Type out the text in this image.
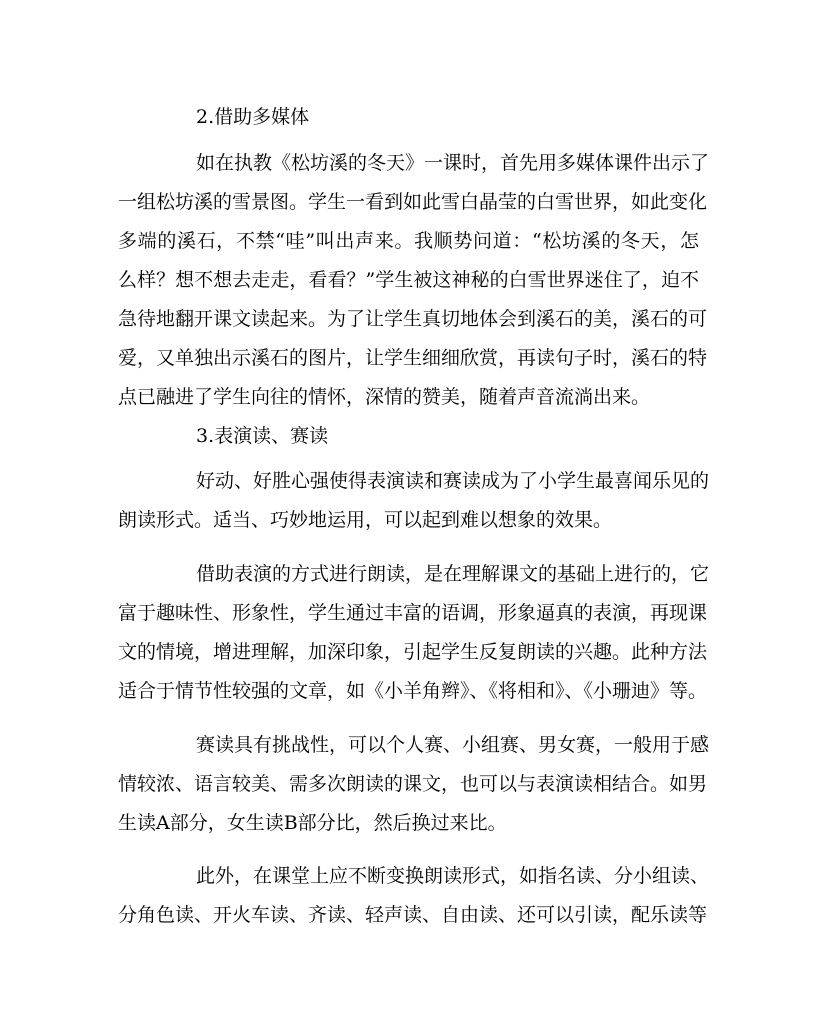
2.借助多媒体
如在执教《松坊溪的冬天》一课时，首先用多媒体课件出示了
一组松坊溪的雪景图。学生一看到如此雪白晶莹的白雪世界，如此变化
多端的溪石，不禁“哇”叫出声来。我顺势问道：“松坊溪的冬天，怎
么样？想不想去走走，看看？”学生被这神秘的白雪世界迷住了，迫不
急待地翻开课文读起来。为了让学生真切地体会到溪石的美，溪石的可
爱，又单独出示溪石的图片，让学生细细欣赏，再读句子时，溪石的特
点已融进了学生向往的情怀，深情的赞美，随着声音流淌出来。
3.表演读、赛读
好动、好胜心强使得表演读和赛读成为了小学生最喜闻乐见的
朗读形式。适当、巧妙地运用，可以起到难以想象的效果。
借助表演的方式进行朗读，是在理解课文的基础上进行的，它
富于趣味性、形象性，学生通过丰富的语调，形象逼真的表演，再现课
文的情境，增进理解，加深印象，引起学生反复朗读的兴趣。此种方法
适合于情节性较强的文章，如《小羊角辫》、《将相和》、《小珊迪》等。
赛读具有挑战性，可以个人赛、小组赛、男女赛，一般用于感
情较浓、语言较美、需多次朗读的课文，也可以与表演读相结合。如男
生读A部分，女生读B部分比，然后换过来比。
此外，在课堂上应不断变换朗读形式，如指名读、分小组读、
分角色读、开火车读、齐读、轻声读、自由读、还可以引读，配乐读等
